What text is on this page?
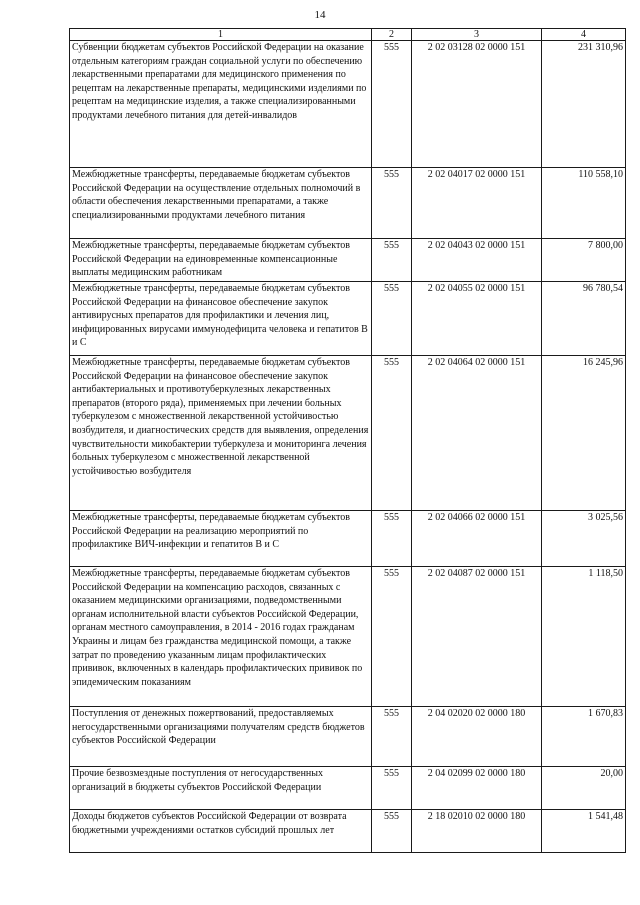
14
1	2	3	4
Субвенции бюджетам субъектов Российской Федерации на оказание отдельным категориям граждан социальной услуги по обеспечению лекарственными препаратами для медицинского применения по рецептам на лекарственные препараты, медицинскими изделиями по рецептам на медицинские изделия, а также специализированными продуктами лечебного питания для детей-инвалидов	555	2 02 03128 02 0000 151	231 310,96
Межбюджетные трансферты, передаваемые бюджетам субъектов Российской Федерации на осуществление отдельных полномочий в области обеспечения лекарственными препаратами, а также специализированными продуктами лечебного питания	555	2 02 04017 02 0000 151	110 558,10
Межбюджетные трансферты, передаваемые бюджетам субъектов Российской Федерации на единовременные компенсационные выплаты медицинским работникам	555	2 02 04043 02 0000 151	7 800,00
Межбюджетные трансферты, передаваемые бюджетам субъектов Российской Федерации на финансовое обеспечение закупок антивирусных препаратов для профилактики и лечения лиц, инфицированных вирусами иммунодефицита человека и гепатитов В и С	555	2 02 04055 02 0000 151	96 780,54
Межбюджетные трансферты, передаваемые бюджетам субъектов Российской Федерации на финансовое обеспечение закупок антибактериальных и противотуберкулезных лекарственных препаратов (второго ряда), применяемых при лечении больных туберкулезом с множественной лекарственной устойчивостью возбудителя, и диагностических средств для выявления, определения чувствительности микобактерии туберкулеза и мониторинга лечения больных туберкулезом с множественной лекарственной устойчивостью возбудителя	555	2 02 04064 02 0000 151	16 245,96
Межбюджетные трансферты, передаваемые бюджетам субъектов Российской Федерации на реализацию мероприятий по профилактике ВИЧ-инфекции и гепатитов В и С	555	2 02 04066 02 0000 151	3 025,56
Межбюджетные трансферты, передаваемые бюджетам субъектов Российской Федерации на компенсацию расходов, связанных с оказанием медицинскими организациями, подведомственными органам исполнительной власти субъектов Российской Федерации, органам местного самоуправления, в 2014 - 2016 годах гражданам Украины и лицам без гражданства медицинской помощи, а также затрат по проведению указанным лицам профилактических прививок, включенных в календарь профилактических прививок по эпидемическим показаниям	555	2 02 04087 02 0000 151	1 118,50
Поступления от денежных пожертвований, предоставляемых негосударственными организациями получателям средств бюджетов субъектов Российской Федерации	555	2 04 02020 02 0000 180	1 670,83
Прочие безвозмездные поступления от негосударственных организаций в бюджеты субъектов Российской Федерации	555	2 04 02099 02 0000 180	20,00
Доходы бюджетов субъектов Российской Федерации от возврата бюджетными учреждениями остатков субсидий прошлых лет	555	2 18 02010 02 0000 180	1 541,48
